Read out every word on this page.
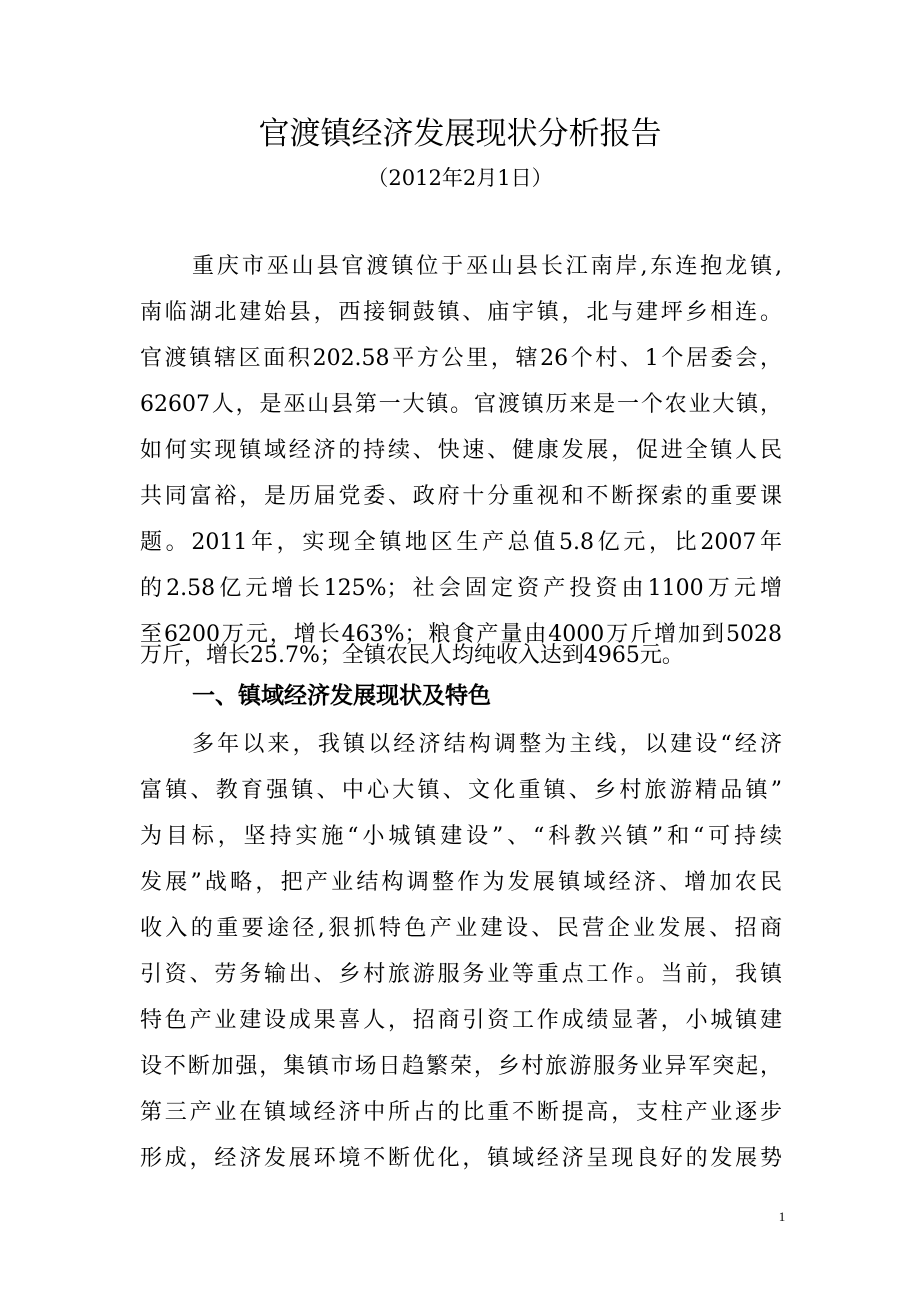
官渡镇经济发展现状分析报告
（2012年2月1日）
重庆市巫山县官渡镇位于巫山县长江南岸,东连抱龙镇,
南临湖北建始县，西接铜鼓镇、庙宇镇，北与建坪乡相连。
官渡镇辖区面积202.58平方公里，辖26个村、1个居委会，
62607人，是巫山县第一大镇。官渡镇历来是一个农业大镇，
如何实现镇域经济的持续、快速、健康发展，促进全镇人民
共同富裕，是历届党委、政府十分重视和不断探索的重要课
题。2011年，实现全镇地区生产总值5.8亿元，比2007年
的2.58亿元增长125%；社会固定资产投资由1100万元增
至6200万元，增长463%；粮食产量由4000万斤增加到5028
万斤，增长25.7%；全镇农民人均纯收入达到4965元。
一、镇域经济发展现状及特色
多年以来，我镇以经济结构调整为主线，以建设“经济
富镇、教育强镇、中心大镇、文化重镇、乡村旅游精品镇”
为目标，坚持实施“小城镇建设”、“科教兴镇”和“可持续
发展”战略，把产业结构调整作为发展镇域经济、增加农民
收入的重要途径,狠抓特色产业建设、民营企业发展、招商
引资、劳务输出、乡村旅游服务业等重点工作。当前，我镇
特色产业建设成果喜人，招商引资工作成绩显著，小城镇建
设不断加强，集镇市场日趋繁荣，乡村旅游服务业异军突起，
第三产业在镇域经济中所占的比重不断提高，支柱产业逐步
形成，经济发展环境不断优化，镇域经济呈现良好的发展势
1
